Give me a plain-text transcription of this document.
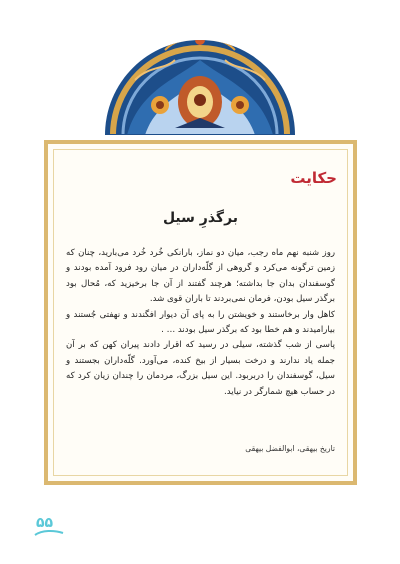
حکایت
برگذرِ سیل

روز شنبه نهم ماه رجب، میان دو نماز، بارانکی خُرد خُرد می‌بارید، چنان که زمین ترگونه می‌کرد و گروهی از گلّه‌داران در میان رود فرود آمده بودند و گوسفندان بدان جا بداشته؛ هرچند گفتند از آن جا برخیزید که، مُحال بود برگذر سیل بودن، فرمان نمی‌بردند تا باران قوی شد.

کاهل وار برخاستند و خویشتن را به پای آن دیوار افگندند و نهفتی جُستند و بیارامیدند و هم خطا بود که برگذر سیل بودند … .

پاسی از شب گذشته، سیلی در رسید که اقرار دادند پیران کهن که بر آن جمله یاد ندارند و درخت بسیار از بیخ کنده، می‌آورد. گلّه‌داران بجستند و سیل، گوسفندان را دربربود. این سیل بزرگ، مردمان را چندان زیان کرد که در حساب هیچ شمارگر در نیاید.

تاریخ بیهقی، ابوالفضل بیهقی
۵۵
